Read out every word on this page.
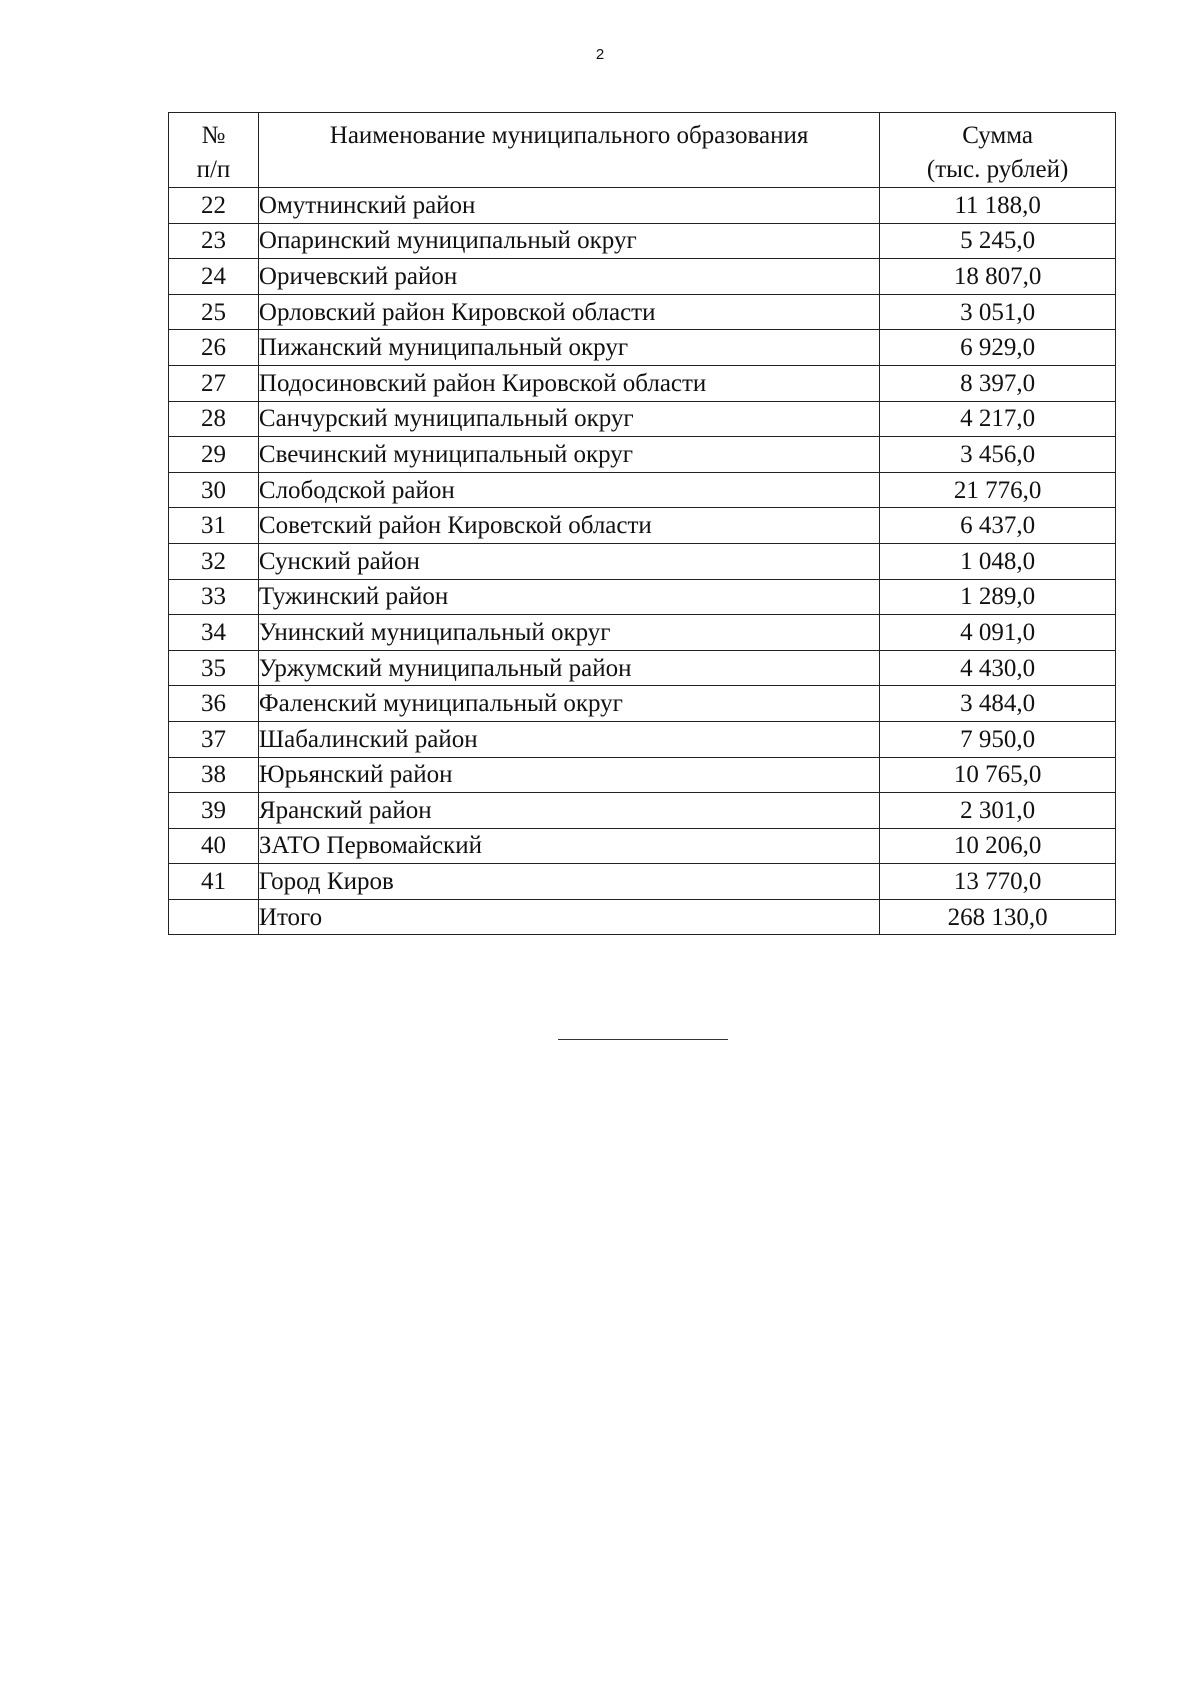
2
№
п/п	Наименование муниципального образования	Сумма
(тыс. рублей)

22	Омутнинский район	11 188,0
23	Опаринский муниципальный округ	5 245,0
24	Оричевский район	18 807,0
25	Орловский район Кировской области	3 051,0
26	Пижанский муниципальный округ	6 929,0
27	Подосиновский район Кировской области	8 397,0
28	Санчурский муниципальный округ	4 217,0
29	Свечинский муниципальный округ	3 456,0
30	Слободской район	21 776,0
31	Советский район Кировской области	6 437,0
32	Сунский район	1 048,0
33	Тужинский район	1 289,0
34	Унинский муниципальный округ	4 091,0
35	Уржумский муниципальный район	4 430,0
36	Фаленский муниципальный округ	3 484,0
37	Шабалинский район	7 950,0
38	Юрьянский район	10 765,0
39	Яранский район	2 301,0
40	ЗАТО Первомайский	10 206,0
41	Город Киров	13 770,0
	Итого	268 130,0
